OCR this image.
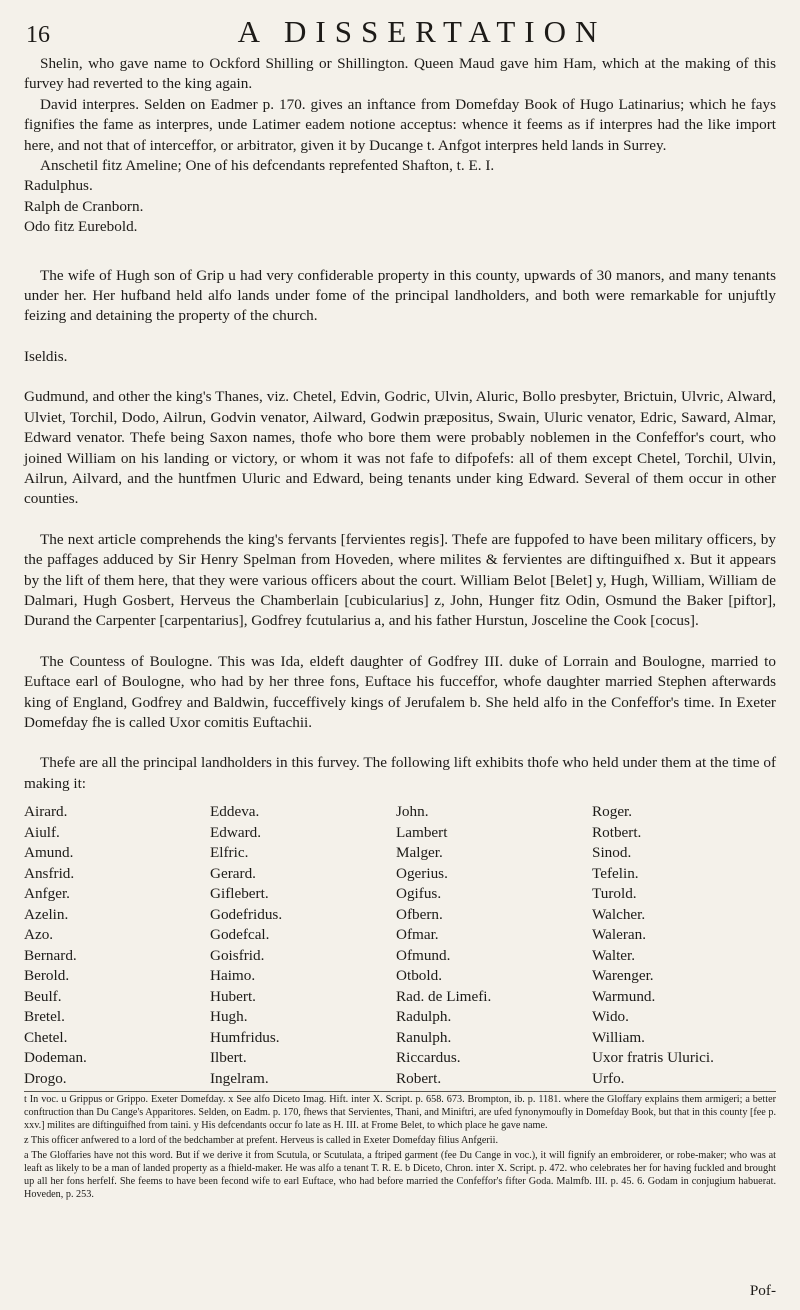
16	A DISSERTATION

Shelin, who gave name to Ockford Shilling or Shillington. Queen Maud gave him Ham, which at the making of this furvey had reverted to the king again.

David interpres. Selden on Eadmer p. 170. gives an inftance from Domefday Book of Hugo Latinarius; which he fays fignifies the fame as interpres, unde Latimer eadem notione acceptus: whence it feems as if interpres had the like import here, and not that of interceffor, or arbitrator, given it by Ducange t. Anfgot interpres held lands in Surrey.

Anschetil fitz Ameline; One of his defcendants reprefented Shafton, t. E. I.

Radulphus.

Ralph de Cranborn.

Odo fitz Eurebold.

The wife of Hugh son of Grip u had very confiderable property in this county, upwards of 30 manors, and many tenants under her. Her hufband held alfo lands under fome of the principal landholders, and both were remarkable for unjuftly feizing and detaining the property of the church.

Iseldis.

Gudmund, and other the king's Thanes, viz. Chetel, Edvin, Godric, Ulvin, Aluric, Bollo presbyter, Brictuin, Ulvric, Alward, Ulviet, Torchil, Dodo, Ailrun, Godvin venator, Ailward, Godwin præpositus, Swain, Uluric venator, Edric, Saward, Almar, Edward venator. Thefe being Saxon names, thofe who bore them were probably noblemen in the Confeffor's court, who joined William on his landing or victory, or whom it was not fafe to difpofefs: all of them except Chetel, Torchil, Ulvin, Ailrun, Ailvard, and the huntfmen Uluric and Edward, being tenants under king Edward. Several of them occur in other counties.

The next article comprehends the king's fervants [fervientes regis]. Thefe are fuppofed to have been military officers, by the paffages adduced by Sir Henry Spelman from Hoveden, where milites & fervientes are diftinguifhed x. But it appears by the lift of them here, that they were various officers about the court. William Belot [Belet] y, Hugh, William, William de Dalmari, Hugh Gosbert, Herveus the Chamberlain [cubicularius] z, John, Hunger fitz Odin, Osmund the Baker [piftor], Durand the Carpenter [carpentarius], Godfrey fcutularius a, and his father Hurstun, Josceline the Cook [cocus].

The Countess of Boulogne. This was Ida, eldeft daughter of Godfrey III. duke of Lorrain and Boulogne, married to Euftace earl of Boulogne, who had by her three fons, Euftace his fucceffor, whofe daughter married Stephen afterwards king of England, Godfrey and Baldwin, fucceffively kings of Jerufalem b. She held alfo in the Confeffor's time. In Exeter Domefday fhe is called Uxor comitis Euftachii.

Thefe are all the principal landholders in this furvey. The following lift exhibits thofe who held under them at the time of making it:

Airard.	Eddeva.	John.	Roger.
Aiulf.	Edward.	Lambert	Rotbert.
Amund.	Elfric.	Malger.	Sinod.
Ansfrid.	Gerard.	Ogerius.	Tefelin.
Anfger.	Giflebert.	Ogifus.	Turold.
Azelin.	Godefridus.	Ofbern.	Walcher.
Azo.	Godefcal.	Ofmar.	Waleran.
Bernard.	Goisfrid.	Ofmund.	Walter.
Berold.	Haimo.	Otbold.	Warenger.
Beulf.	Hubert.	Rad. de Limefi.	Warmund.
Bretel.	Hugh.	Radulph.	Wido.
Chetel.	Humfridus.	Ranulph.	William.
Dodeman.	Ilbert.	Riccardus.	Uxor fratris Ulurici.
Drogo.	Ingelram.	Robert.	Urfo.

t In voc. u Grippus or Grippo. Exeter Domefday. x See alfo Diceto Imag. Hift. inter X. Script. p. 658. 673. Brompton, ib. p. 1181. where the Gloffary explains them armigeri; a better conftruction than Du Cange's Apparitores. Selden, on Eadm. p. 170, fhews that Servientes, Thani, and Miniftri, are ufed fynonymoufly in Domefday Book, but that in this county [fee p. xxv.] milites are diftinguifhed from taini. y His defcendants occur fo late as H. III. at Frome Belet, to which place he gave name.

z This officer anfwered to a lord of the bedchamber at prefent. Herveus is called in Exeter Domefday filius Anfgerii.

a The Gloffaries have not this word. But if we derive it from Scutula, or Scutulata, a ftriped garment (fee Du Cange in voc.), it will fignify an embroiderer, or robe-maker; who was at leaft as likely to be a man of landed property as a fhield-maker. He was alfo a tenant T. R. E. b Diceto, Chron. inter X. Script. p. 472. who celebrates her for having fuckled and brought up all her fons herfelf. She feems to have been fecond wife to earl Euftace, who had before married the Confeffor's fifter Goda. Malmfb. III. p. 45. 6. Godam in conjugium habuerat. Hoveden, p. 253.

Pof-
